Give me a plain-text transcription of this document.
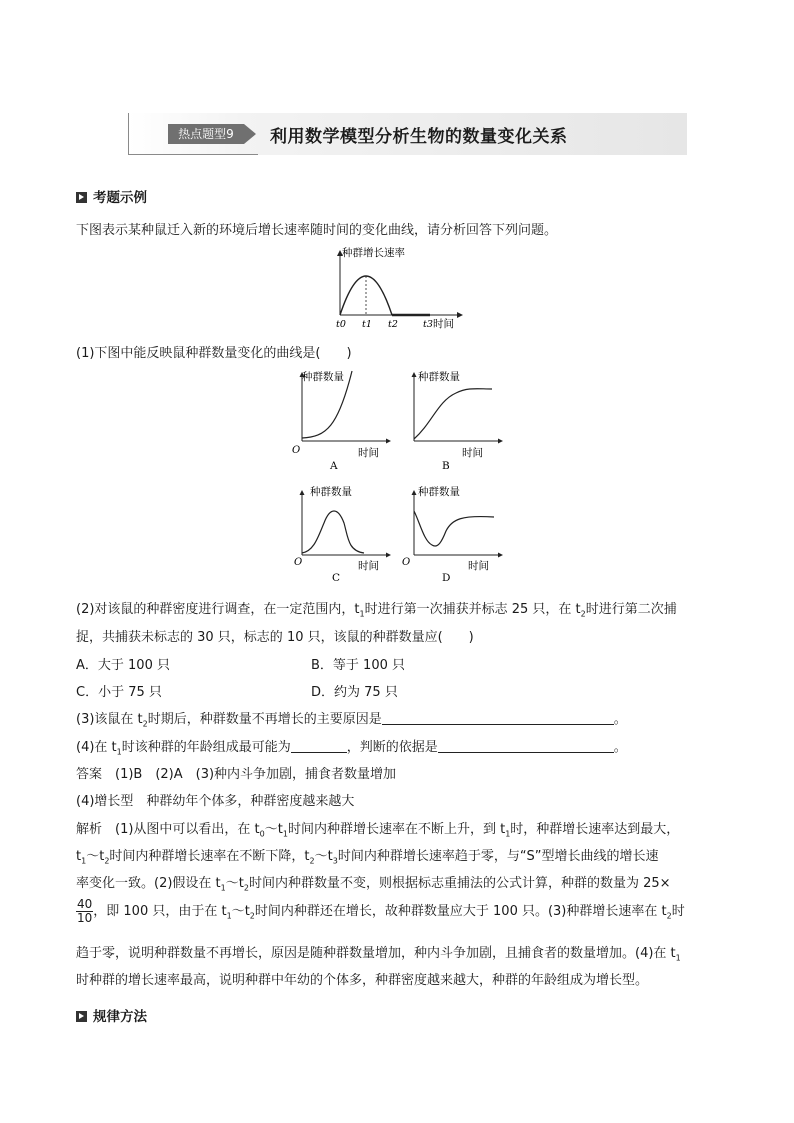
热点题型9	利用数学模型分析生物的数量变化关系
考题示例
下图表示某种鼠迁入新的环境后增长速率随时间的变化曲线，请分析回答下列问题。
种群增长速率
t0 t1 t2	t3 时间
(1)下图中能反映鼠种群数量变化的曲线是(　　)
种群数量
O	时间
A
种群数量
时间
B
种群数量
O	时间
C
种群数量
O	时间
D
(2)对该鼠的种群密度进行调查，在一定范围内，$t_1$时进行第一次捕获并标志 25 只，在 $t_2$时进行第二次捕
捉，共捕获未标志的 30 只，标志的 10 只，该鼠的种群数量应(　　)
A．大于 100 只	B．等于 100 只
C．小于 75 只	D．约为 75 只
(3)该鼠在 $t_2$时期后，种群数量不再增长的主要原因是	。
(4)在 $t_1$时该种群的年龄组成最可能为	，判断的依据是	。
答案　(1)B　(2)A　(3)种内斗争加剧，捕食者数量增加
(4)增长型　种群幼年个体多，种群密度越来越大
解析　(1)从图中可以看出，在 $t_0\sim t_1$时间内种群增长速率在不断上升，到 $t_1$时，种群增长速率达到最大，
$t_1\sim t_2$时间内种群增长速率在不断下降，$t_2\sim t_3$时间内种群增长速率趋于零，与“S”型增长曲线的增长速
率变化一致。(2)假设在 $t_1\sim t_2$时间内种群数量不变，则根据标志重捕法的公式计算，种群的数量为 25×
$\frac{40}{10}$ ，即 100 只，由于在 $t_1\sim t_2$时间内种群还在增长，故种群数量应大于 100 只。(3)种群增长速率在 $t_2$时
趋于零，说明种群数量不再增长，原因是随种群数量增加，种内斗争加剧，且捕食者的数量增加。(4)在 $t_1$
时种群的增长速率最高，说明种群中年幼的个体多，种群密度越来越大，种群的年龄组成为增长型。
规律方法
